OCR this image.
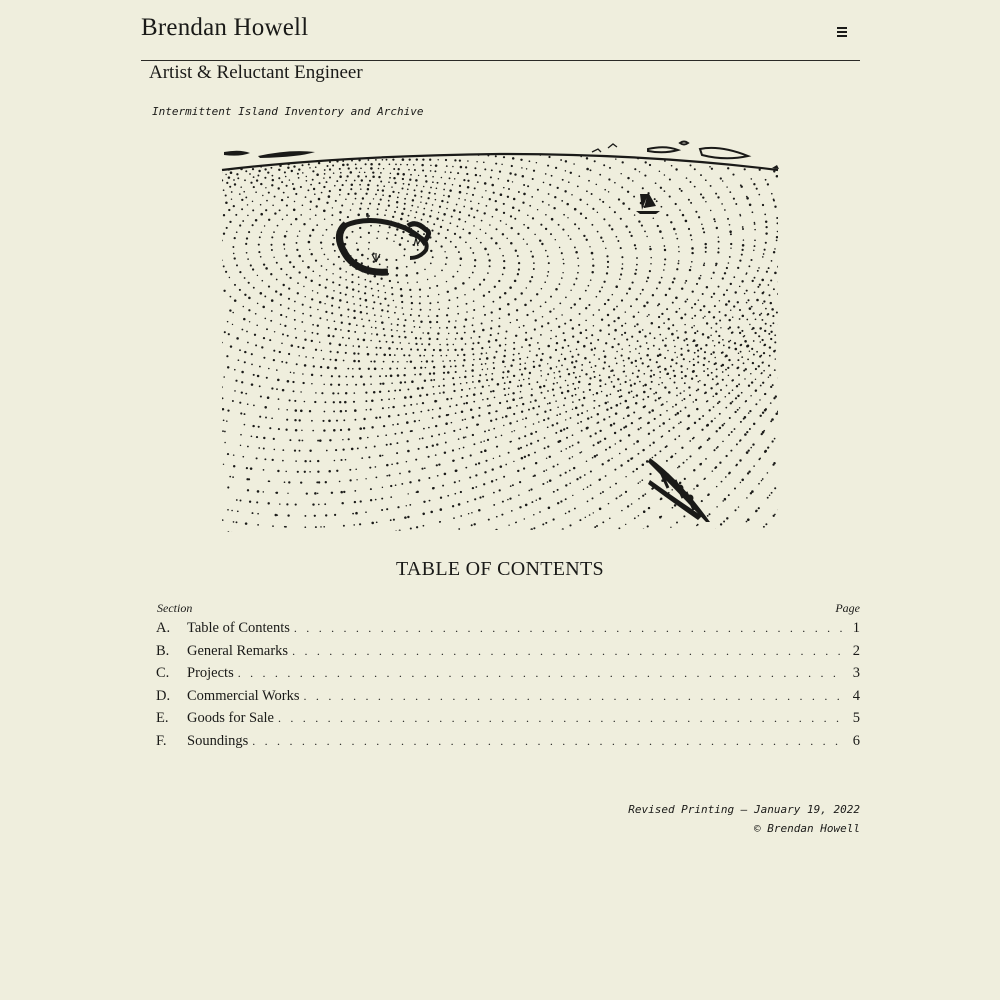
Brendan Howell
Artist & Reluctant Engineer
Intermittent Island Inventory and Archive
TABLE OF CONTENTS
Section	Page
A.	Table of Contents . . .	1
B.	General Remarks . . .	2
C.	Projects . . .	3
D.	Commercial Works . . .	4
E.	Goods for Sale . . .	5
F.	Soundings . . .	6
Revised Printing – January 19, 2022
© Brendan Howell
